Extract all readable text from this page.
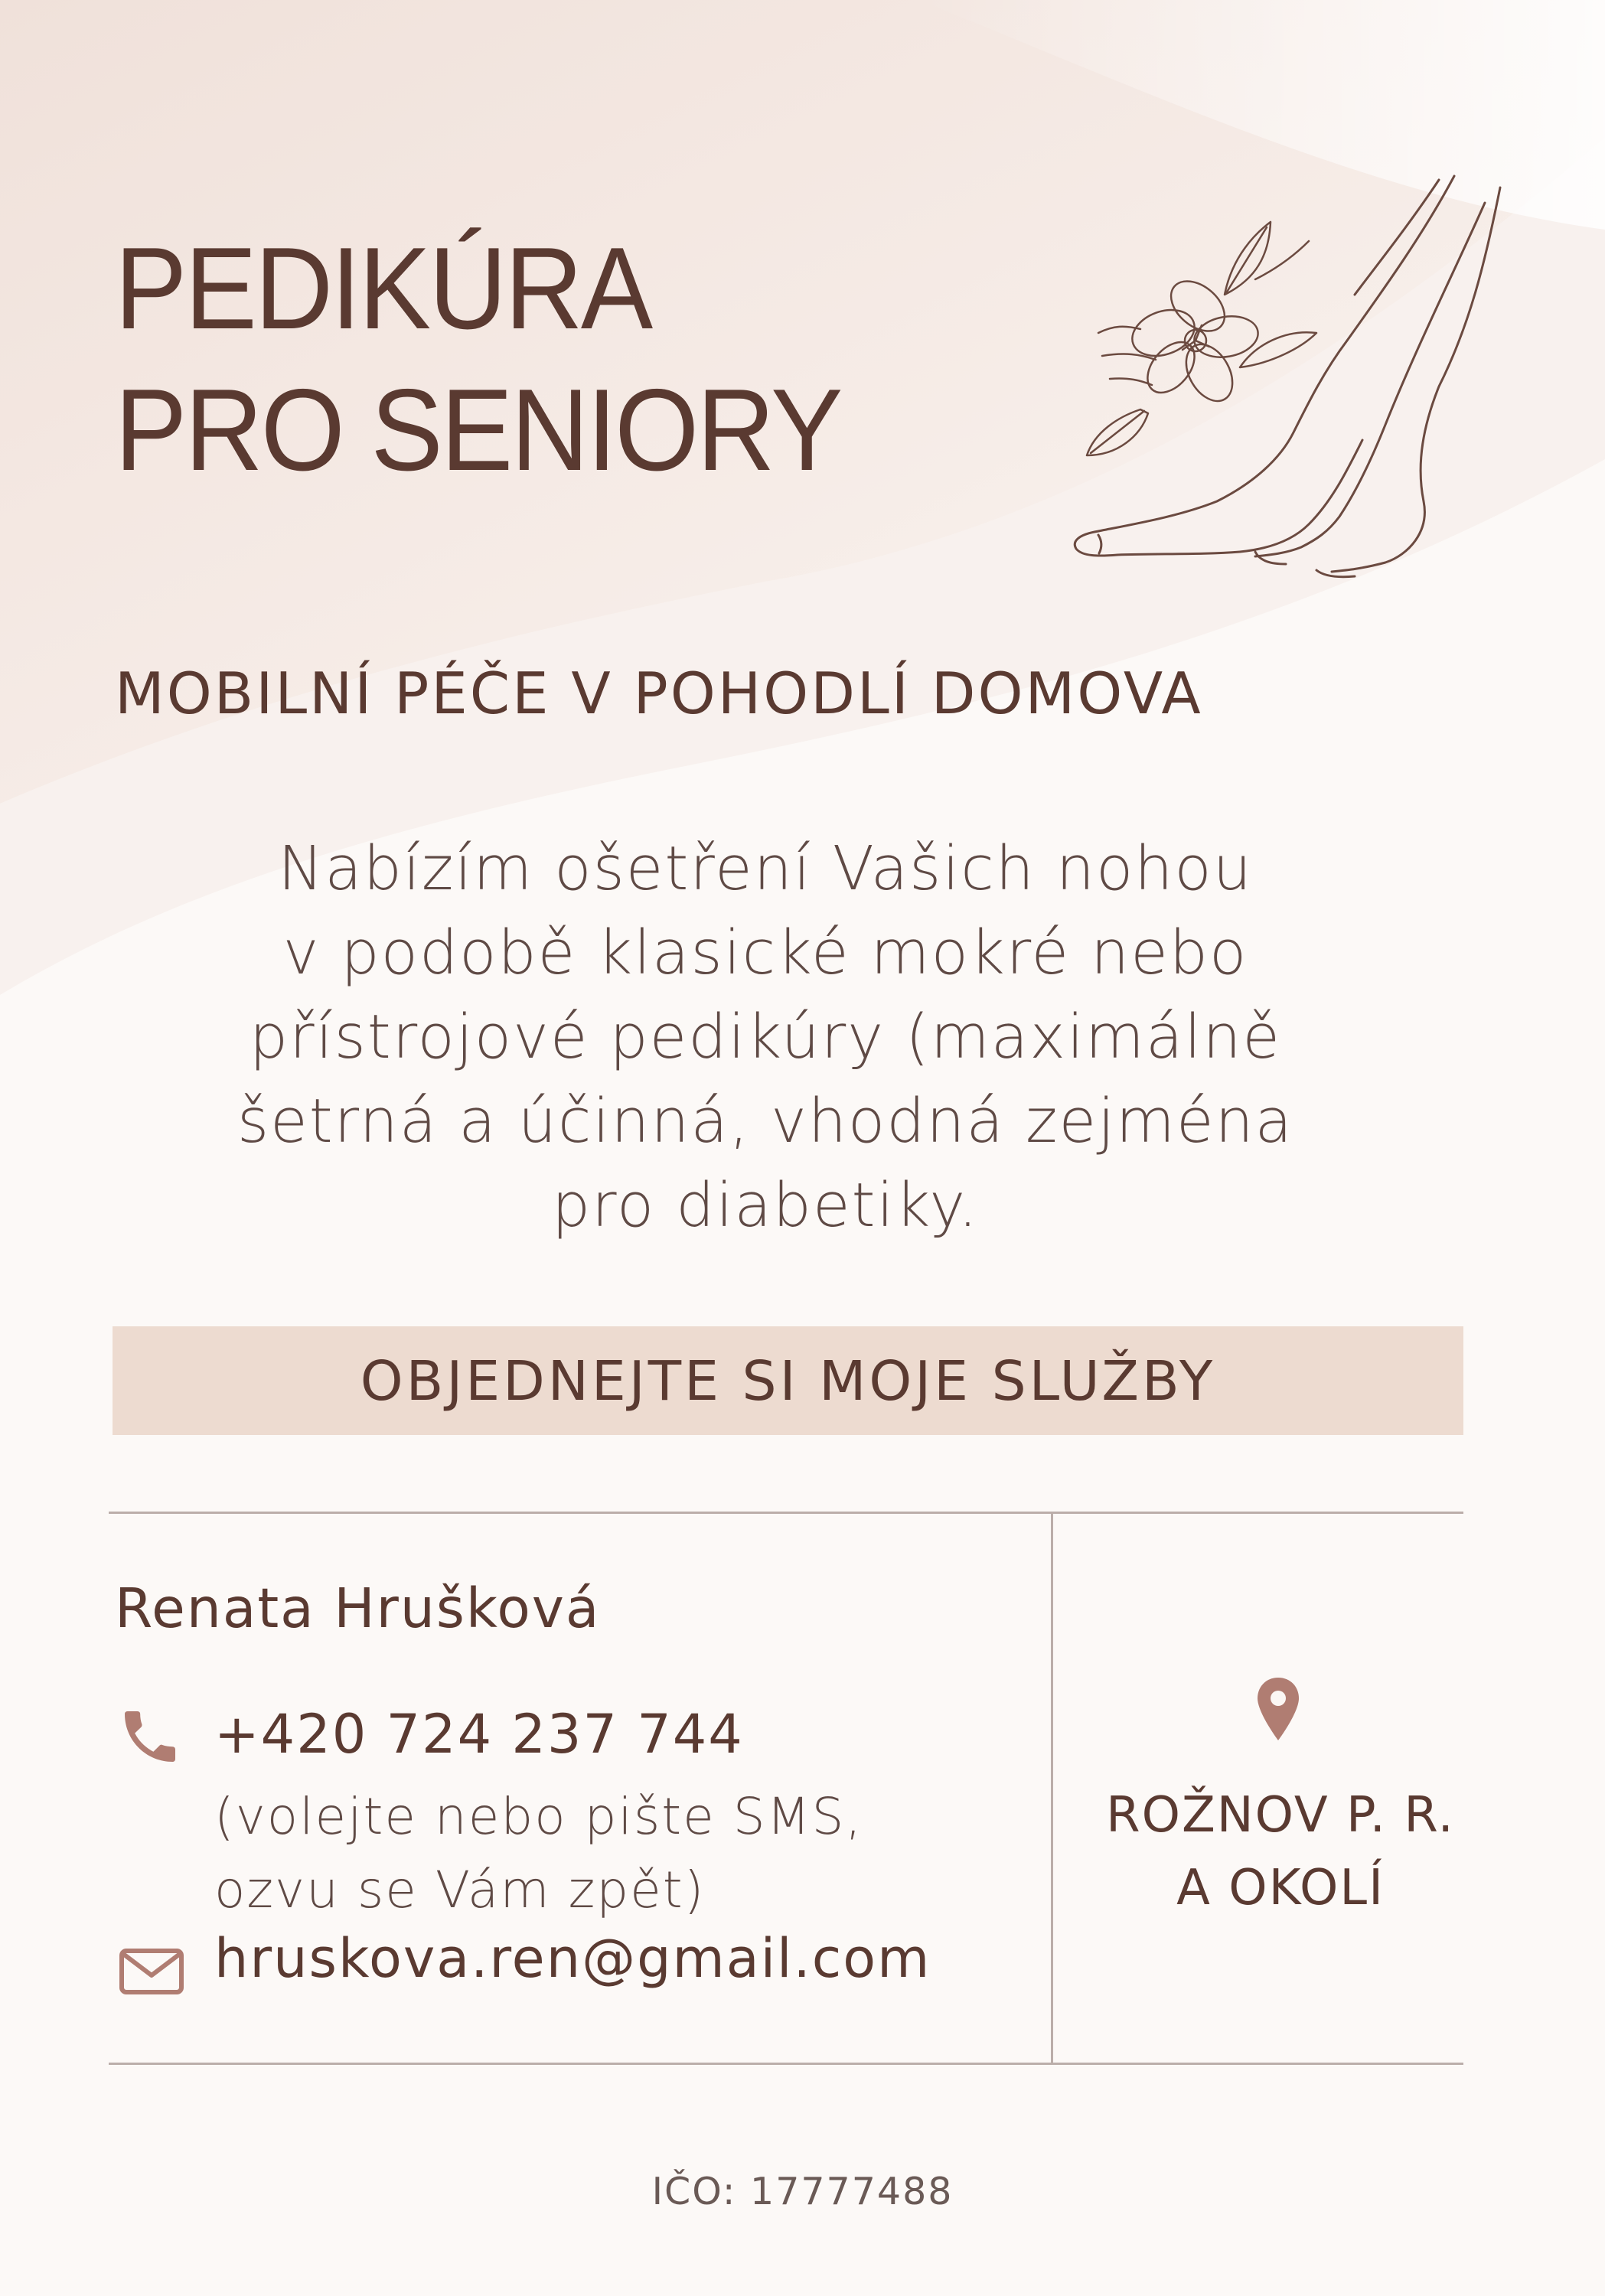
PEDIKÚRA
PRO SENIORY
MOBILNÍ PÉČE V POHODLÍ DOMOVA
Nabízím ošetření Vašich nohou
v podobě klasické mokré nebo
přístrojové pedikúry (maximálně
šetrná a účinná, vhodná zejména
pro diabetiky.
OBJEDNEJTE SI MOJE SLUŽBY
Renata Hrušková
+420 724 237 744
(volejte nebo pište SMS,
ozvu se Vám zpět)
hruskova.ren@gmail.com
ROŽNOV P. R.
A OKOLÍ
IČO: 17777488
